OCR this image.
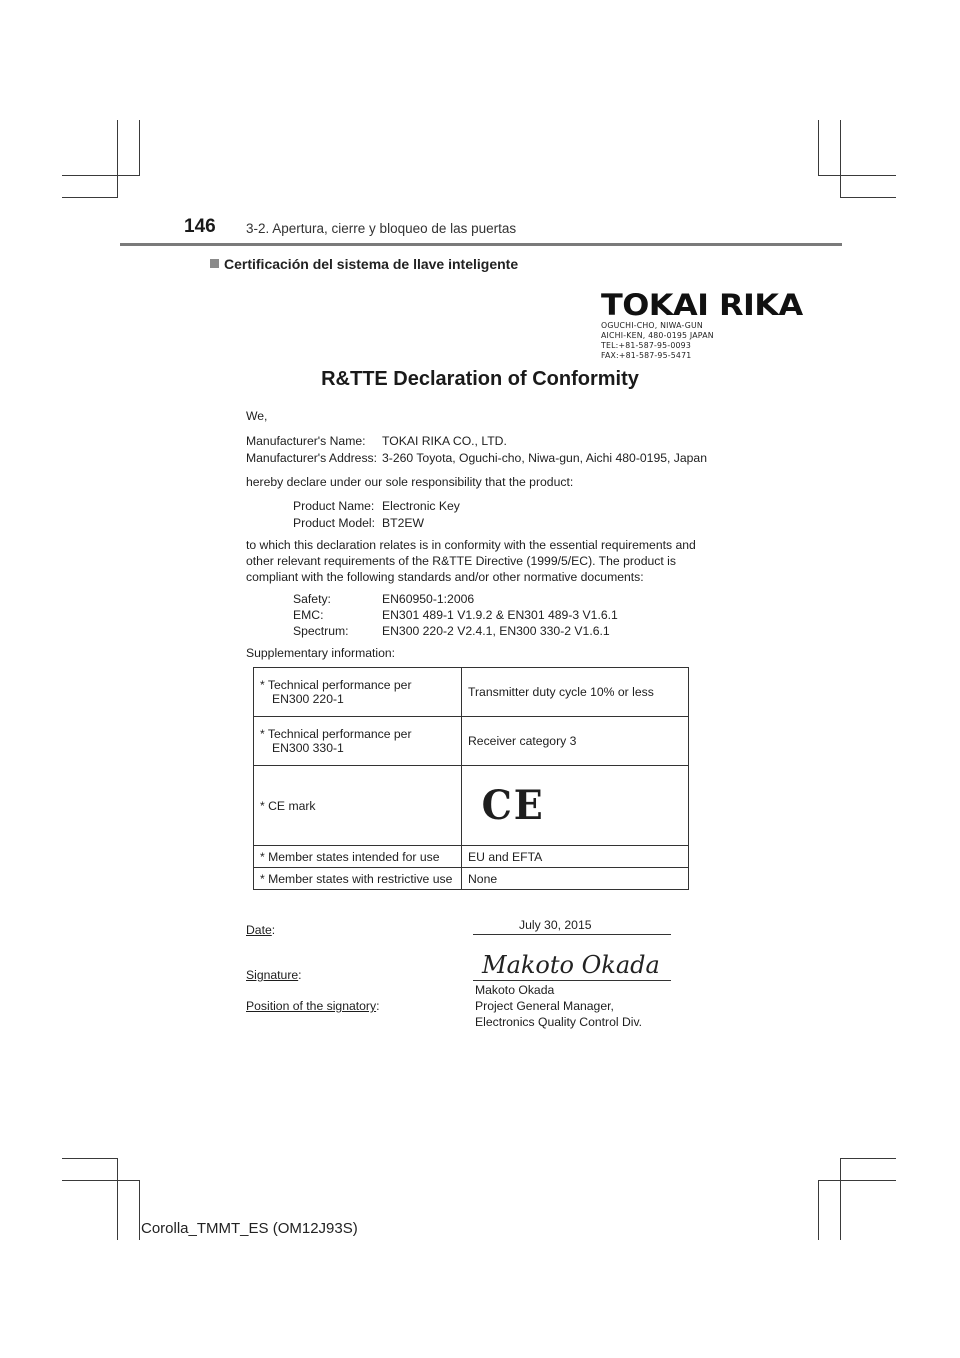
146 3-2. Apertura, cierre y bloqueo de las puertas
Certificación del sistema de llave inteligente
TOKAI RIKA
OGUCHI-CHO, NIWA-GUN
AICHI-KEN, 480-0195 JAPAN
TEL:+81-587-95-0093
FAX:+81-587-95-5471
R&TTE Declaration of Conformity
We,
Manufacturer's Name: TOKAI RIKA CO., LTD.
Manufacturer's Address: 3-260 Toyota, Oguchi-cho, Niwa-gun, Aichi 480-0195, Japan
hereby declare under our sole responsibility that the product:
Product Name: Electronic Key
Product Model: BT2EW
to which this declaration relates is in conformity with the essential requirements and
other relevant requirements of the R&TTE Directive (1999/5/EC). The product is
compliant with the following standards and/or other normative documents:
Safety:	EN60950-1:2006
EMC:	EN301 489-1 V1.9.2 & EN301 489-3 V1.6.1
Spectrum:	EN300 220-2 V2.4.1, EN300 330-2 V1.6.1
Supplementary information:
* Technical performance per
EN300 220-1	Transmitter duty cycle 10% or less
* Technical performance per
EN300 330-1	Receiver category 3
* CE mark	CE
* Member states intended for use	EU and EFTA
* Member states with restrictive use	None
Date:	July 30, 2015
Signature:	Makoto Okada
Position of the signatory:
Makoto Okada
Project General Manager,
Electronics Quality Control Div.
Corolla_TMMT_ES (OM12J93S)
